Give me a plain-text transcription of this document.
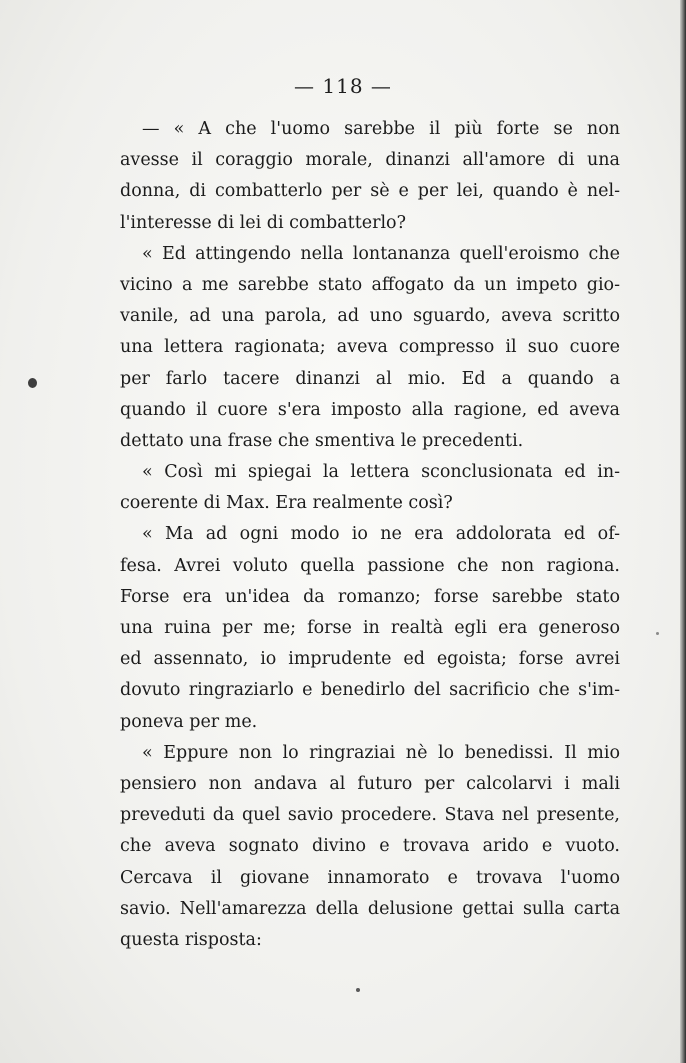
— 118 —
— « A che l'uomo sarebbe il più forte se non
avesse il coraggio morale, dinanzi all'amore di una
donna, di combatterlo per sè e per lei, quando è nel-
l'interesse di lei di combatterlo?
« Ed attingendo nella lontananza quell'eroismo che
vicino a me sarebbe stato affogato da un impeto gio-
vanile, ad una parola, ad uno sguardo, aveva scritto
una lettera ragionata; aveva compresso il suo cuore
per farlo tacere dinanzi al mio. Ed a quando a
quando il cuore s'era imposto alla ragione, ed aveva
dettato una frase che smentiva le precedenti.
« Così mi spiegai la lettera sconclusionata ed in-
coerente di Max. Era realmente così?
« Ma ad ogni modo io ne era addolorata ed of-
fesa. Avrei voluto quella passione che non ragiona.
Forse era un'idea da romanzo; forse sarebbe stato
una ruina per me; forse in realtà egli era generoso
ed assennato, io imprudente ed egoista; forse avrei
dovuto ringraziarlo e benedirlo del sacrificio che s'im-
poneva per me.
« Eppure non lo ringraziai nè lo benedissi. Il mio
pensiero non andava al futuro per calcolarvi i mali
preveduti da quel savio procedere. Stava nel presente,
che aveva sognato divino e trovava arido e vuoto.
Cercava il giovane innamorato e trovava l'uomo
savio. Nell'amarezza della delusione gettai sulla carta
questa risposta:
